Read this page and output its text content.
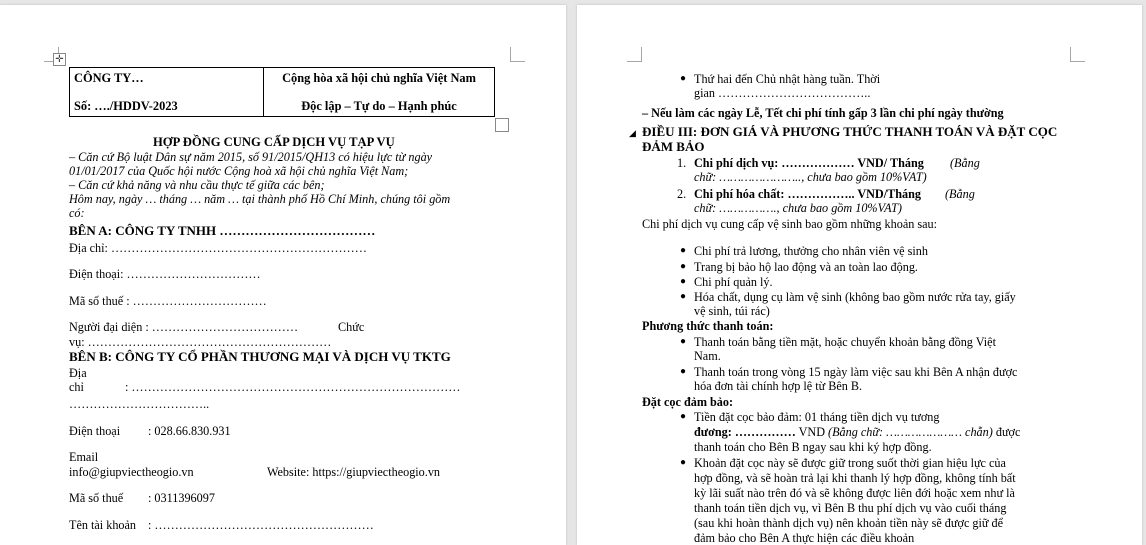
✛
CÔNG TY…
Số: …./HDDV-2023

Cộng hòa xã hội chủ nghĩa Việt Nam
Độc lập – Tự do – Hạnh phúc
HỢP ĐỒNG CUNG CẤP DỊCH VỤ TẠP VỤ
– Căn cứ Bộ luật Dân sự năm 2015, số 91/2015/QH13 có hiệu lực từ ngày
01/01/2017 của Quốc hội nước Cộng hoà xã hội chủ nghĩa Việt Nam;
– Căn cứ khả năng và nhu cầu thực tế giữa các bên;
Hôm nay, ngày … tháng … năm … tại thành phố Hồ Chí Minh, chúng tôi gồm
có:
BÊN A: CÔNG TY TNHH ………………………………
Địa chỉ: ………………………………………………………
Điện thoại: ……………………………
Mã số thuế : ……………………………
Người đại diện : ………………………………	Chức
vụ: ……………………………………………………
BÊN B: CÔNG TY CỔ PHẦN THƯƠNG MẠI VÀ DỊCH VỤ TKTG
Địa
chỉ	: ………………………………………………………………………
……………………………..
Điện thoại : 028.66.830.931
Email
info@giupviectheogio.vn	Website: https://giupviectheogio.vn
Mã số thuế : 0311396097
Tên tài khoản : ………………………………………………
● Thứ hai đến Chủ nhật hàng tuần. Thời
gian ………………………………..
– Nếu làm các ngày Lễ, Tết chi phí tính gấp 3 lần chi phí ngày thường
◢ ĐIỀU III: ĐƠN GIÁ VÀ PHƯƠNG THỨC THANH TOÁN VÀ ĐẶT CỌC
ĐẢM BẢO
1. Chi phí dịch vụ: ……………… VND/ Tháng (Bằng
chữ: ………………….., chưa bao gồm 10%VAT)
2. Chi phí hóa chất: …………….. VND/Tháng (Bằng
chữ: ……………., chưa bao gồm 10%VAT)
Chi phí dịch vụ cung cấp vệ sinh bao gồm những khoản sau:
● Chi phí trả lương, thưởng cho nhân viên vệ sinh
● Trang bị bảo hộ lao động và an toàn lao động.
● Chi phí quản lý.
● Hóa chất, dụng cụ làm vệ sinh (không bao gồm nước rửa tay, giấy
vệ sinh, túi rác)
Phương thức thanh toán:
● Thanh toán bằng tiền mặt, hoặc chuyển khoản bằng đồng Việt
Nam.
● Thanh toán trong vòng 15 ngày làm việc sau khi Bên A nhận được
hóa đơn tài chính hợp lệ từ Bên B.
Đặt cọc đảm bảo:
● Tiền đặt cọc bảo đảm: 01 tháng tiền dịch vụ tương
đương: …………… VND (Bằng chữ: ………………… chẵn) được
thanh toán cho Bên B ngay sau khi ký hợp đồng.
● Khoản đặt cọc này sẽ được giữ trong suốt thời gian hiệu lực của
hợp đồng, và sẽ hoàn trả lại khi thanh lý hợp đồng, không tính bất
kỳ lãi suất nào trên đó và sẽ không được liên đới hoặc xem như là
thanh toán tiền dịch vụ, vì Bên B thu phí dịch vụ vào cuối tháng
(sau khi hoàn thành dịch vụ) nên khoản tiền này sẽ được giữ để
đảm bảo cho Bên A thực hiện các điều khoản
